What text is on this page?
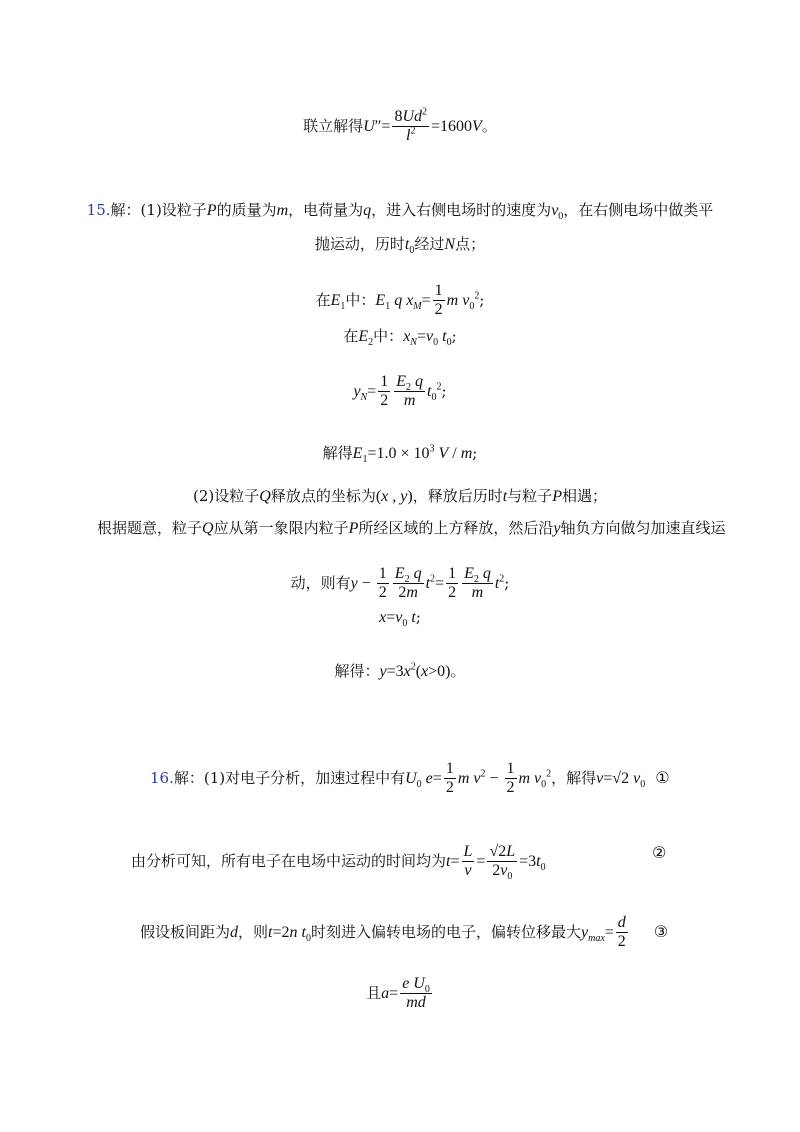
联立解得$U''= \frac{8Ud^2}{l^2} =1600V$。
15.解：(1)设粒子P的质量为m，电荷量为q，进入右侧电场时的速度为$v_0$，在右侧电场中做类平
抛运动，历时$t_0$经过N点；
在$E_1$中：$E_1$ q $x_M= \frac{1}{2}$ m $v_0^2$;
在$E_2$中：$x_N=v_0$ $t_0$;
$y_N= \frac{1}{2} \frac{E_2 q}{m} t_0^2$;
解得$E_1=1.0 \times 10^3$ V / m;
(2)设粒子Q释放点的坐标为(x , y)，释放后历时t与粒子P相遇；
根据题意，粒子Q应从第一象限内粒子P所经区域的上方释放，然后沿y轴负方向做匀加速直线运
动，则有$y - \frac{1}{2} \frac{E_2 q}{2m} t^2= \frac{1}{2} \frac{E_2 q}{m} t^2$;
$x=v_0$ t;
解得：$y=3x^2(x>0)$。
16.解：(1)对电子分析，加速过程中有$U_0$ $e= \frac{1}{2}$ m $v^2 - \frac{1}{2}$ m $v_0^2$，解得v=√2 $v_0$ ①
由分析可知，所有电子在电场中运动的时间均为$t= \frac{L}{v} = \frac{√2L}{2v_0} =3t_0$
②
假设板间距为d，则t=2n $t_0$时刻进入偏转电场的电子，偏转位移最大$y_{max}= \frac{d}{2}$ ③
且$a= \frac{e U_0}{md}$
